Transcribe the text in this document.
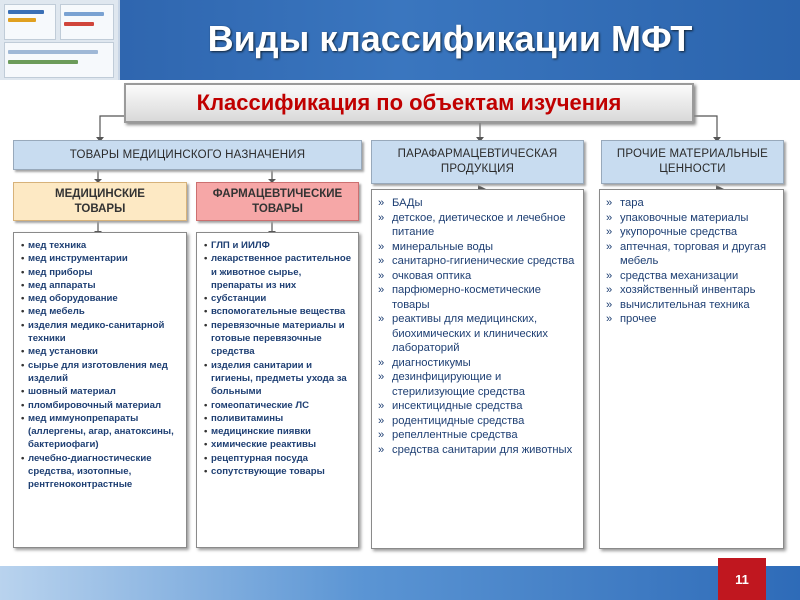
Виды классификации МФТ
Классификация по объектам изучения
ТОВАРЫ МЕДИЦИНСКОГО НАЗНАЧЕНИЯ	ПАРАФАРМАЦЕВТИЧЕСКАЯ ПРОДУКЦИЯ
ПРОЧИЕ МАТЕРИАЛЬНЫЕ ЦЕННОСТИ
МЕДИЦИНСКИЕ ТОВАРЫ
ФАРМАЦЕВТИЧЕСКИЕ ТОВАРЫ
• мед техника
• мед инструментарии
• мед приборы
• мед аппараты
• мед оборудование
• мед мебель
• изделия медико-санитарной техники
• мед установки
• сырье для изготовления мед изделий
• шовный материал
• пломбировочный материал
• мед иммунопрепараты (аллергены, агар, анатоксины, бактериофаги)
• лечебно-диагностические средства, изотопные, рентгеноконтрастные
• ГЛП и ИИЛФ
• лекарственное растительное и животное сырье, препараты из них
• субстанции
• вспомогательные вещества
• перевязочные материалы и готовые перевязочные средства
• изделия санитарии и гигиены, предметы ухода за больными
• гомеопатические ЛС
• поливитамины
• медицинские пиявки
• химические реактивы
• рецептурная посуда
• сопутствующие товары
» БАДы
» детское, диетическое и лечебное питание
» минеральные воды
» санитарно-гигиенические средства
» очковая оптика
» парфюмерно-косметические товары
» реактивы для медицинских, биохимических и клинических лабораторий
» диагностикумы
» дезинфицирующие и стерилизующие средства
» инсектицидные средства
» родентицидные средства
» репеллентные средства
» средства санитарии для животных
» тара
» упаковочные материалы
» укупорочные средства
» аптечная, торговая и другая мебель
» средства механизации
» хозяйственный инвентарь
» вычислительная техника
» прочее
11
